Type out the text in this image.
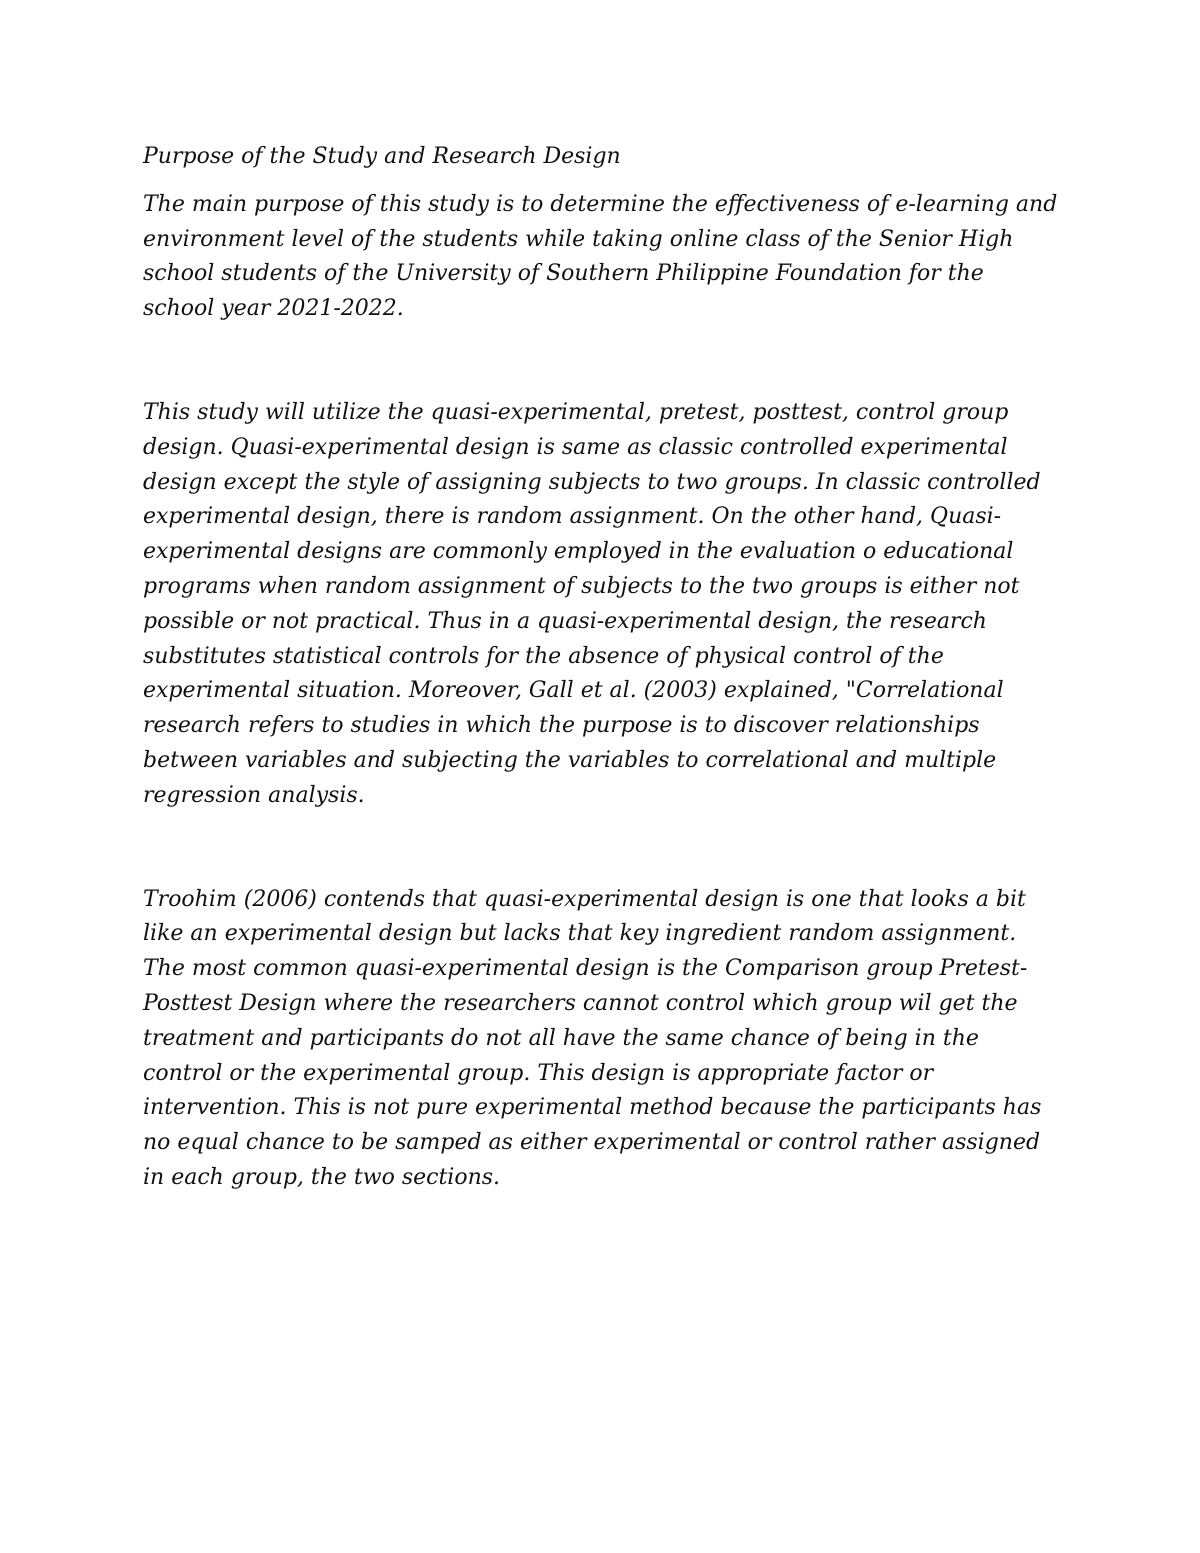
Purpose of the Study and Research Design
The main purpose of this study is to determine the effectiveness of e-learning and
environment level of the students while taking online class of the Senior High
school students of the University of Southern Philippine Foundation for the
school year 2021-2022.
This study will utilize the quasi-experimental, pretest, posttest, control group
design. Quasi-experimental design is same as classic controlled experimental
design except the style of assigning subjects to two groups. In classic controlled
experimental design, there is random assignment. On the other hand, Quasi-
experimental designs are commonly employed in the evaluation o educational
programs when random assignment of subjects to the two groups is either not
possible or not practical. Thus in a quasi-experimental design, the research
substitutes statistical controls for the absence of physical control of the
experimental situation. Moreover, Gall et al. (2003) explained, "Correlational
research refers to studies in which the purpose is to discover relationships
between variables and subjecting the variables to correlational and multiple
regression analysis.
Troohim (2006) contends that quasi-experimental design is one that looks a bit
like an experimental design but lacks that key ingredient random assignment.
The most common quasi-experimental design is the Comparison group Pretest-
Posttest Design where the researchers cannot control which group wil get the
treatment and participants do not all have the same chance of being in the
control or the experimental group. This design is appropriate factor or
intervention. This is not pure experimental method because the participants has
no equal chance to be samped as either experimental or control rather assigned
in each group, the two sections.
